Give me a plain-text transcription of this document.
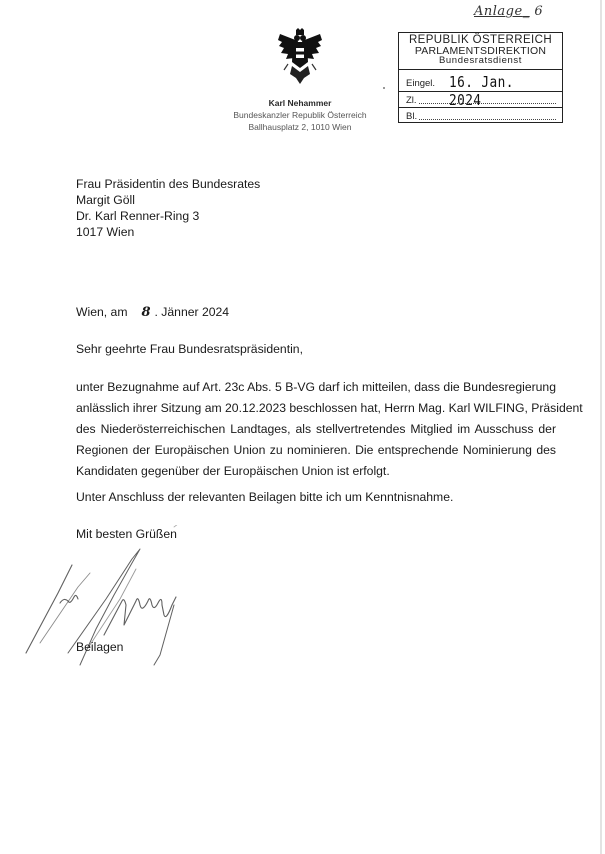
Anlage_ 6
REPUBLIK ÖSTERREICH
PARLAMENTSDIREKTION
Bundesratsdienst
Eingel. 16. Jan. 2024
Zl.
Bl.
Karl Nehammer
Bundeskanzler Republik Österreich
Ballhausplatz 2, 1010 Wien
Frau Präsidentin des Bundesrates
Margit Göll
Dr. Karl Renner-Ring 3
1017 Wien
Wien, am 8 . Jänner 2024
Sehr geehrte Frau Bundesratspräsidentin,
unter Bezugnahme auf Art. 23c Abs. 5 B-VG darf ich mitteilen, dass die Bundesregierung
anlässlich ihrer Sitzung am 20.12.2023 beschlossen hat, Herrn Mag. Karl WILFING, Präsident
des Niederösterreichischen Landtages, als stellvertretendes Mitglied im Ausschuss der
Regionen der Europäischen Union zu nominieren. Die entsprechende Nominierung des
Kandidaten gegenüber der Europäischen Union ist erfolgt.
Unter Anschluss der relevanten Beilagen bitte ich um Kenntnisnahme.
Mit besten Grüßen
Beilagen
